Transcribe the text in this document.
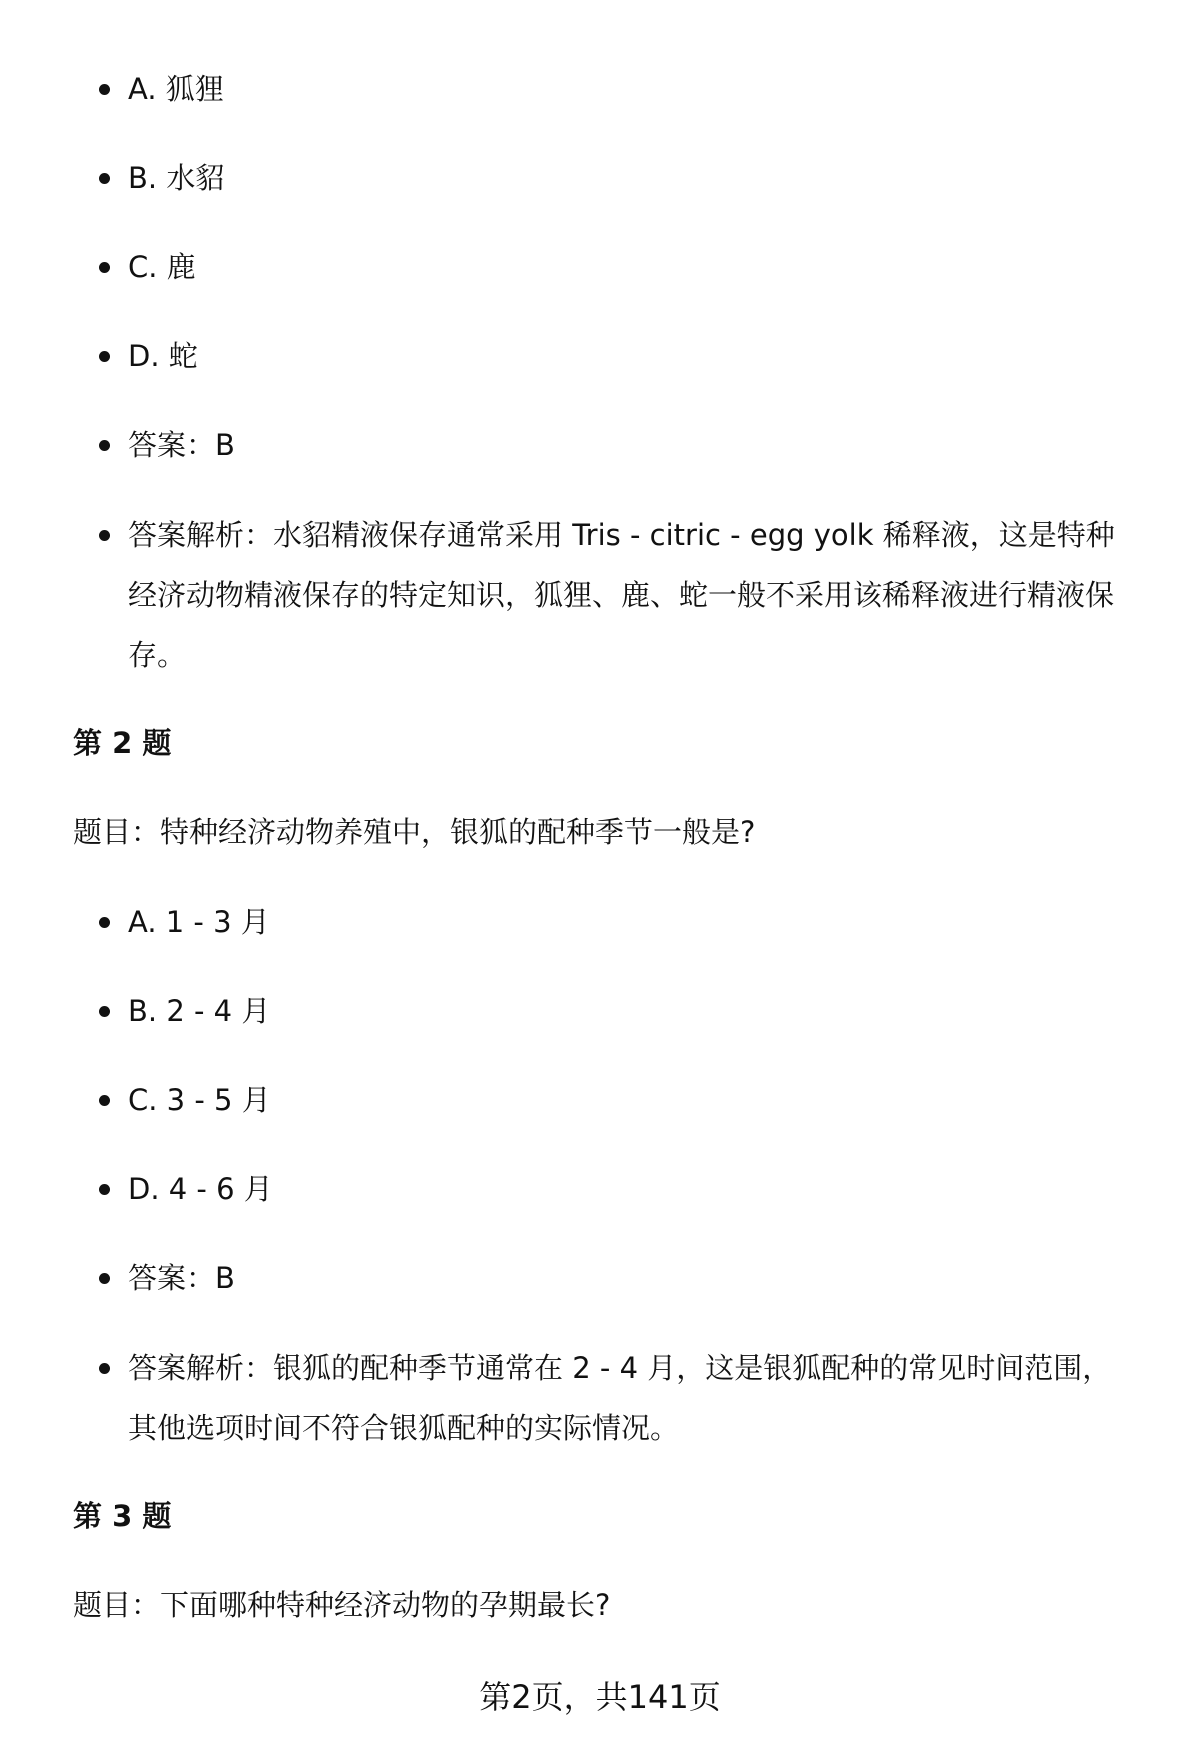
A. 狐狸
B. 水貂
C. 鹿
D. 蛇
答案：B
答案解析：水貂精液保存通常采用 Tris - citric - egg yolk 稀释液，这是特种经济动物精液保存的特定知识，狐狸、鹿、蛇一般不采用该稀释液进行精液保存。
第 2 题
题目：特种经济动物养殖中，银狐的配种季节一般是?
A. 1 - 3 月
B. 2 - 4 月
C. 3 - 5 月
D. 4 - 6 月
答案：B
答案解析：银狐的配种季节通常在 2 - 4 月，这是银狐配种的常见时间范围，其他选项时间不符合银狐配种的实际情况。
第 3 题
题目：下面哪种特种经济动物的孕期最长?
第2页，共141页
